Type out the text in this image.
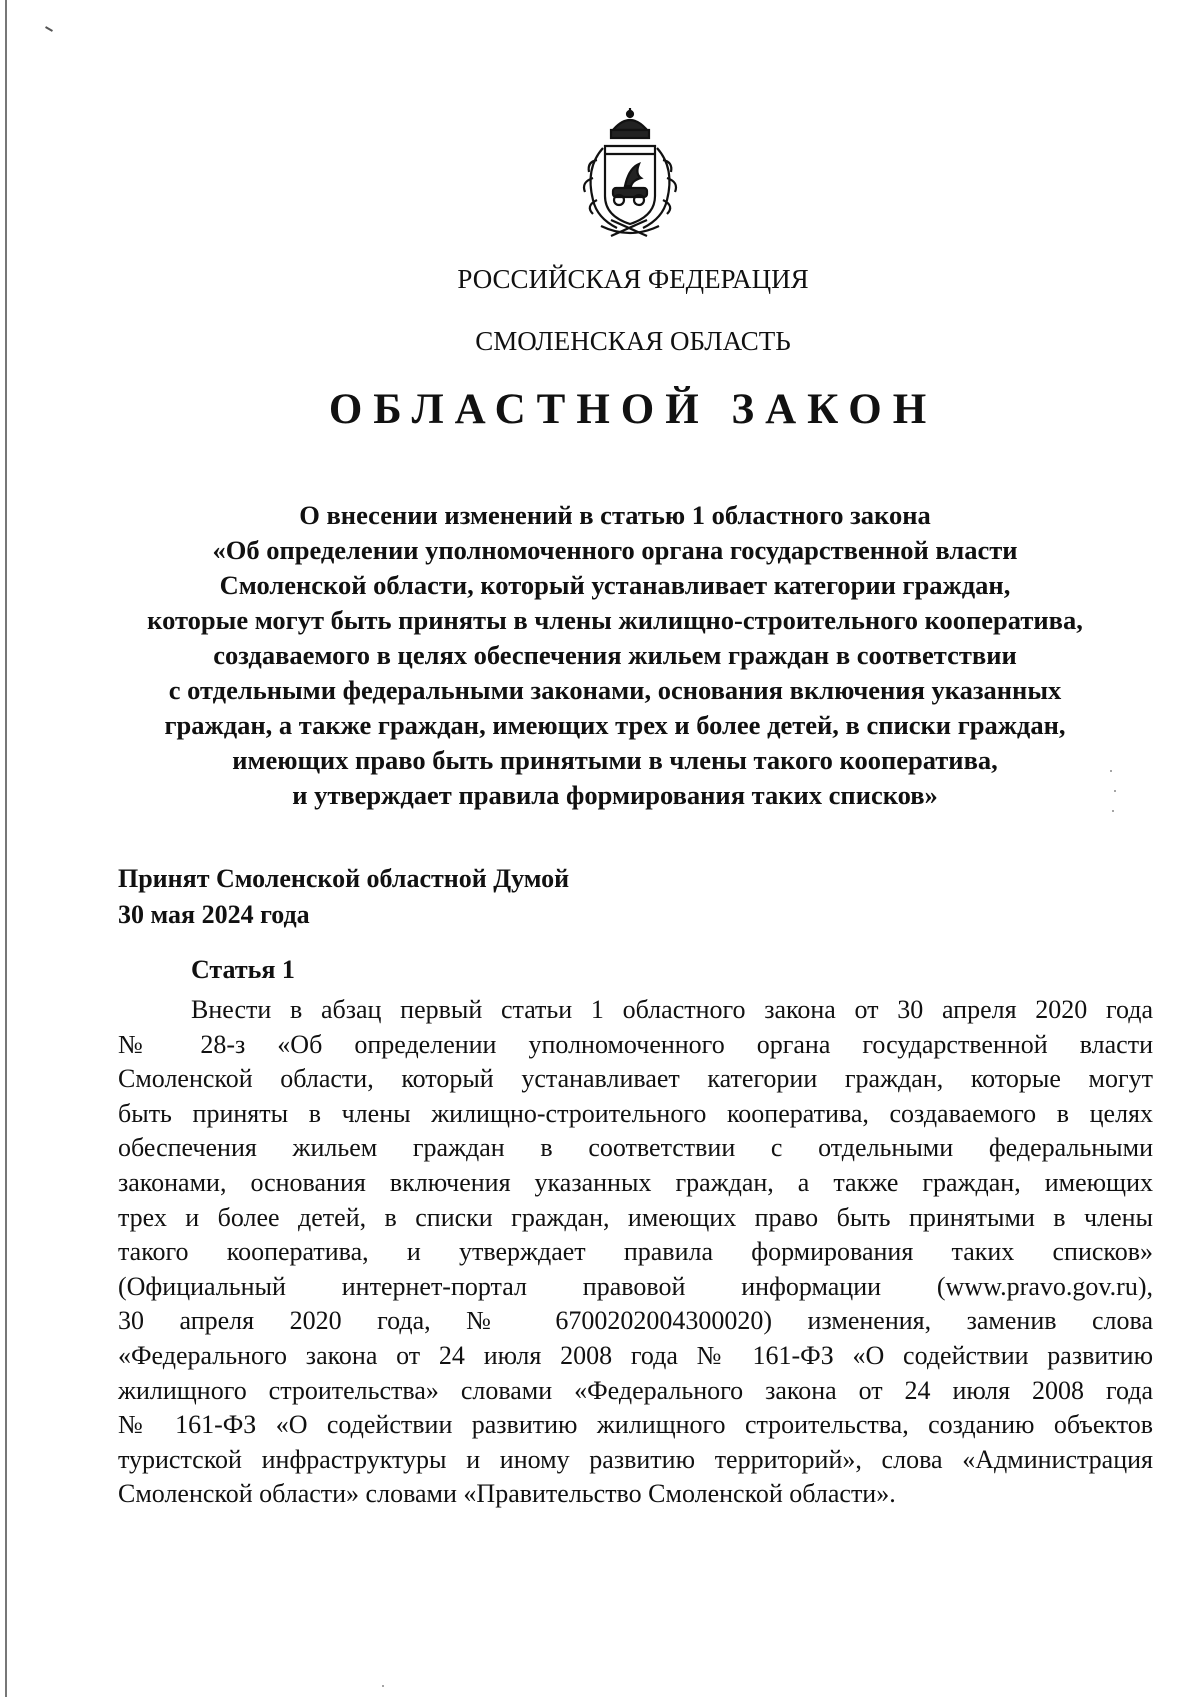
РОССИЙСКАЯ ФЕДЕРАЦИЯ
СМОЛЕНСКАЯ ОБЛАСТЬ
ОБЛАСТНОЙ ЗАКОН
О внесении изменений в статью 1 областного закона
«Об определении уполномоченного органа государственной власти
Смоленской области, который устанавливает категории граждан,
которые могут быть приняты в члены жилищно-строительного кооператива,
создаваемого в целях обеспечения жильем граждан в соответствии
с отдельными федеральными законами, основания включения указанных
граждан, а также граждан, имеющих трех и более детей, в списки граждан,
имеющих право быть принятыми в члены такого кооператива,
и утверждает правила формирования таких списков»
Принят Смоленской областной Думой
30 мая 2024 года
Статья 1
Внести в абзац первый статьи 1 областного закона от 30 апреля 2020 года
№ 28-з «Об определении уполномоченного органа государственной власти
Смоленской области, который устанавливает категории граждан, которые могут
быть приняты в члены жилищно-строительного кооператива, создаваемого в целях
обеспечения жильем граждан в соответствии с отдельными федеральными
законами, основания включения указанных граждан, а также граждан, имеющих
трех и более детей, в списки граждан, имеющих право быть принятыми в члены
такого кооператива, и утверждает правила формирования таких списков»
(Официальный интернет-портал правовой информации (www.pravo.gov.ru),
30 апреля 2020 года, № 6700202004300020) изменения, заменив слова
«Федерального закона от 24 июля 2008 года № 161-ФЗ «О содействии развитию
жилищного строительства» словами «Федерального закона от 24 июля 2008 года
№ 161-ФЗ «О содействии развитию жилищного строительства, созданию объектов
туристской инфраструктуры и иному развитию территорий», слова «Администрация
Смоленской области» словами «Правительство Смоленской области».
